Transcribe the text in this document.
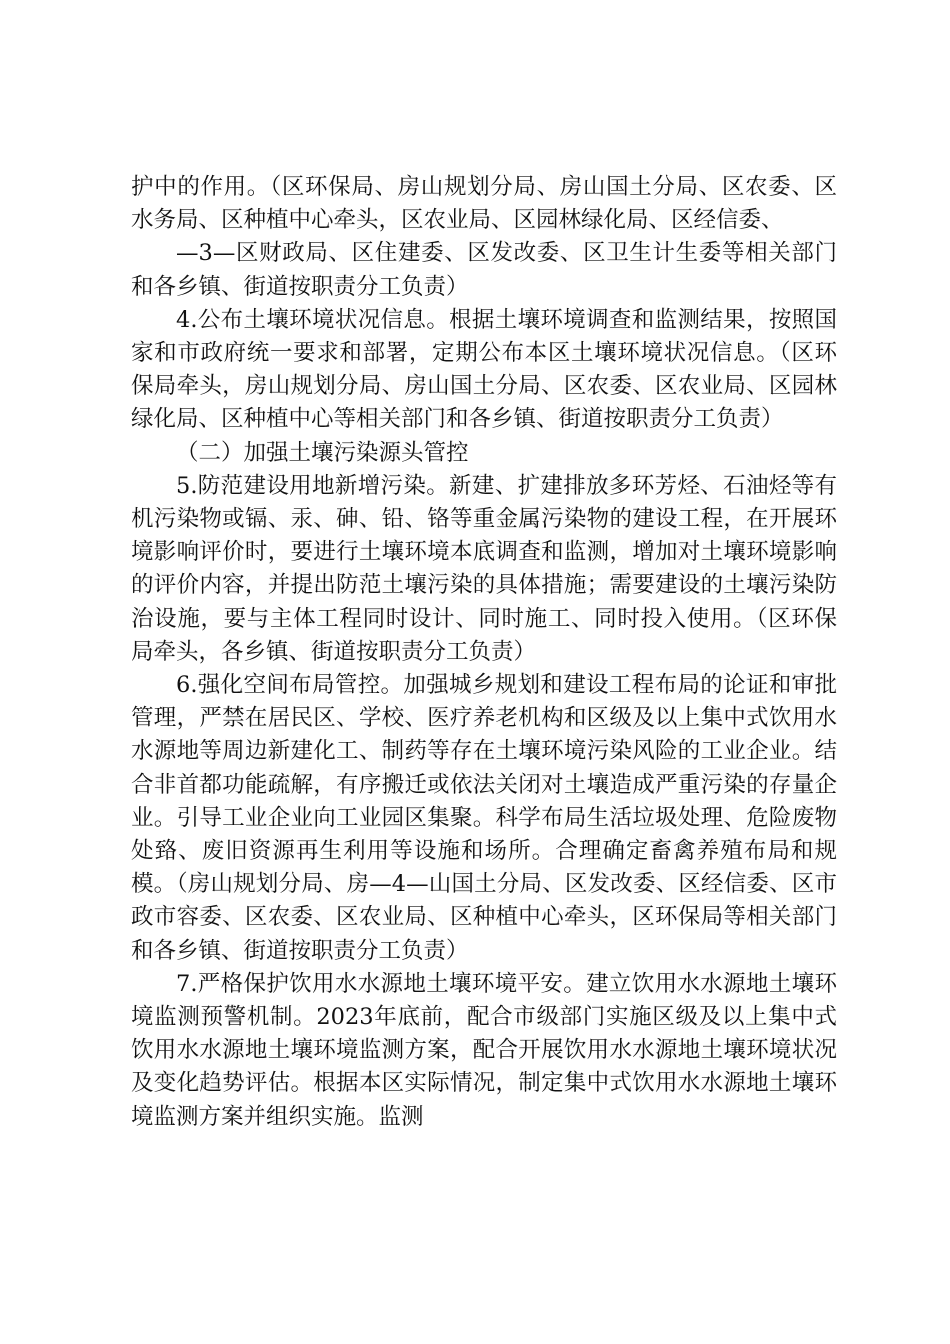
护中的作用。（区环保局、房山规划分局、房山国土分局、区农委、区水务局、区种植中心牵头，区农业局、区园林绿化局、区经信委、

—3—区财政局、区住建委、区发改委、区卫生计生委等相关部门和各乡镇、街道按职责分工负责）

4.公布土壤环境状况信息。根据土壤环境调查和监测结果，按照国家和市政府统一要求和部署，定期公布本区土壤环境状况信息。（区环保局牵头，房山规划分局、房山国土分局、区农委、区农业局、区园林绿化局、区种植中心等相关部门和各乡镇、街道按职责分工负责）

（二）加强土壤污染源头管控

5.防范建设用地新增污染。新建、扩建排放多环芳烃、石油烃等有机污染物或镉、汞、砷、铅、铬等重金属污染物的建设工程，在开展环境影响评价时，要进行土壤环境本底调查和监测，增加对土壤环境影响的评价内容，并提出防范土壤污染的具体措施；需要建设的土壤污染防治设施，要与主体工程同时设计、同时施工、同时投入使用。（区环保局牵头，各乡镇、街道按职责分工负责）

6.强化空间布局管控。加强城乡规划和建设工程布局的论证和审批管理，严禁在居民区、学校、医疗养老机构和区级及以上集中式饮用水水源地等周边新建化工、制药等存在土壤环境污染风险的工业企业。结合非首都功能疏解，有序搬迁或依法关闭对土壤造成严重污染的存量企业。引导工业企业向工业园区集聚。科学布局生活垃圾处理、危险废物处臵、废旧资源再生利用等设施和场所。合理确定畜禽养殖布局和规模。（房山规划分局、房—4—山国土分局、区发改委、区经信委、区市政市容委、区农委、区农业局、区种植中心牵头，区环保局等相关部门和各乡镇、街道按职责分工负责）

7.严格保护饮用水水源地土壤环境平安。建立饮用水水源地土壤环境监测预警机制。2023年底前，配合市级部门实施区级及以上集中式饮用水水源地土壤环境监测方案，配合开展饮用水水源地土壤环境状况及变化趋势评估。根据本区实际情况，制定集中式饮用水水源地土壤环境监测方案并组织实施。监测
